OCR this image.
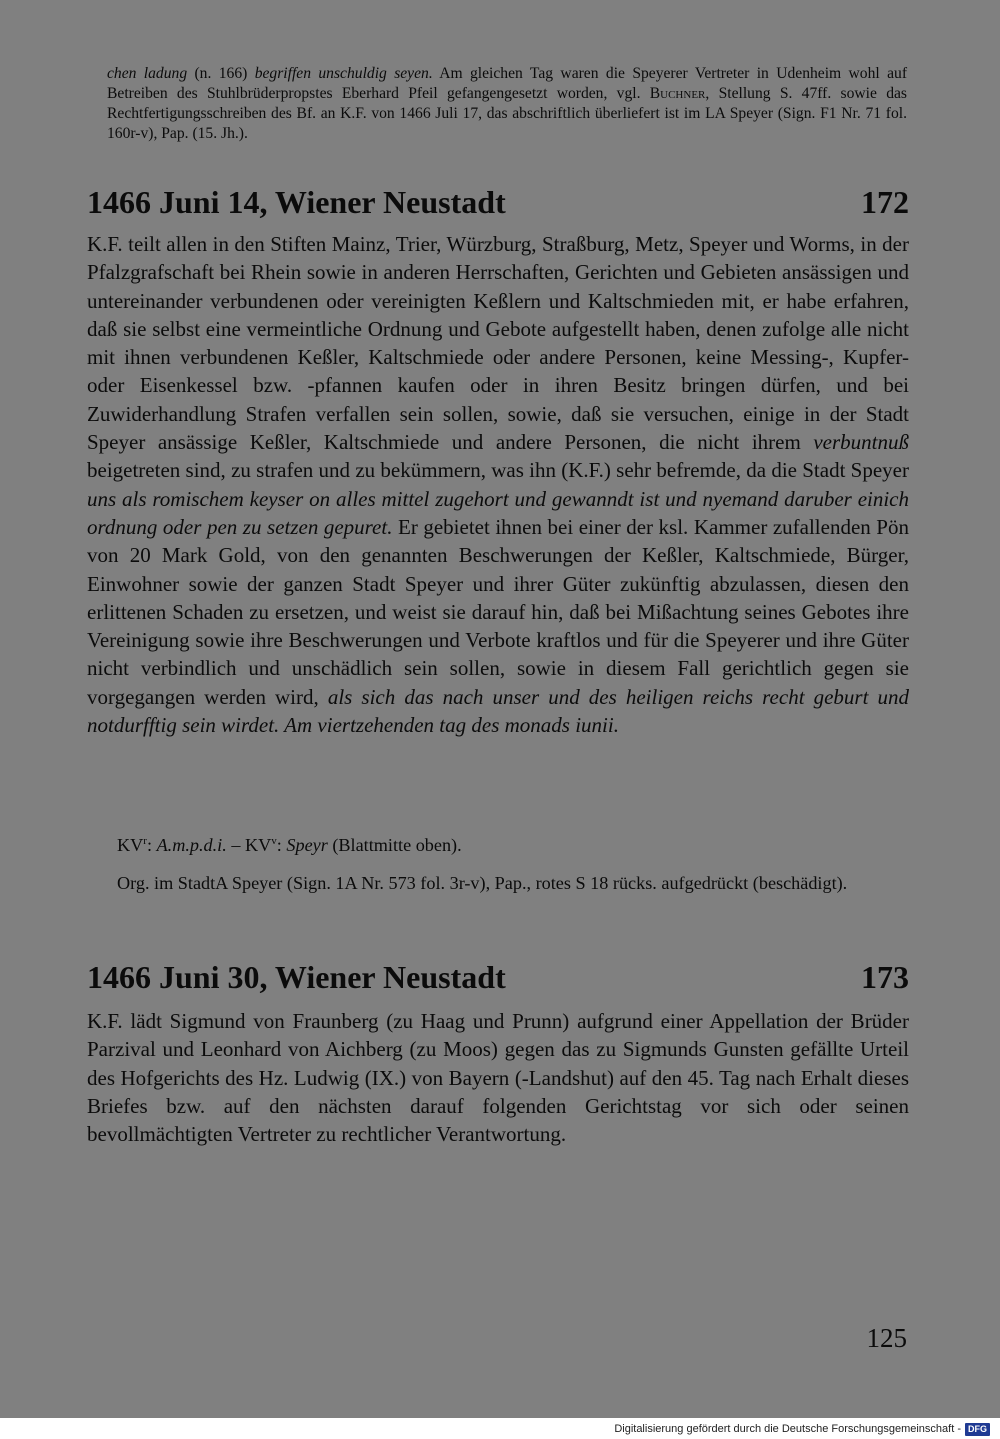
chen ladung (n. 166) begriffen unschuldig seyen. Am gleichen Tag waren die Speyerer Vertreter in Udenheim wohl auf Betreiben des Stuhlbrüderpropstes Eberhard Pfeil gefangengesetzt worden, vgl. Buchner, Stellung S. 47ff. sowie das Rechtfertigungsschreiben des Bf. an K.F. von 1466 Juli 17, das abschriftlich überliefert ist im LA Speyer (Sign. F1 Nr. 71 fol. 160r-v), Pap. (15. Jh.).

1466 Juni 14, Wiener Neustadt	172

K.F. teilt allen in den Stiften Mainz, Trier, Würzburg, Straßburg, Metz, Speyer und Worms, in der Pfalzgrafschaft bei Rhein sowie in anderen Herrschaften, Gerichten und Gebieten ansässigen und untereinander verbundenen oder vereinigten Keßlern und Kaltschmieden mit, er habe erfahren, daß sie selbst eine vermeintliche Ordnung und Gebote aufgestellt haben, denen zufolge alle nicht mit ihnen verbundenen Keßler, Kaltschmiede oder andere Personen, keine Messing-, Kupfer- oder Eisenkessel bzw. -pfannen kaufen oder in ihren Besitz bringen dürfen, und bei Zuwiderhandlung Strafen verfallen sein sollen, sowie, daß sie versuchen, einige in der Stadt Speyer ansässige Keßler, Kaltschmiede und andere Personen, die nicht ihrem verbuntnuß beigetreten sind, zu strafen und zu bekümmern, was ihn (K.F.) sehr befremde, da die Stadt Speyer uns als romischem keyser on alles mittel zugehort und gewanndt ist und nyemand daruber einich ordnung oder pen zu setzen gepuret. Er gebietet ihnen bei einer der ksl. Kammer zufallenden Pön von 20 Mark Gold, von den genannten Beschwerungen der Keßler, Kaltschmiede, Bürger, Einwohner sowie der ganzen Stadt Speyer und ihrer Güter zukünftig abzulassen, diesen den erlittenen Schaden zu ersetzen, und weist sie darauf hin, daß bei Mißachtung seines Gebotes ihre Vereinigung sowie ihre Beschwerungen und Verbote kraftlos und für die Speyerer und ihre Güter nicht verbindlich und unschädlich sein sollen, sowie in diesem Fall gerichtlich gegen sie vorgegangen werden wird, als sich das nach unser und des heiligen reichs recht geburt und notdurfftig sein wirdet. Am viertzehenden tag des monads iunii.

$KV^r$: A.m.p.d.i. – $KV^v$: Speyr (Blattmitte oben).

Org. im StadtA Speyer (Sign. 1A Nr. 573 fol. 3r-v), Pap., rotes S 18 rücks. aufgedrückt (beschädigt).

1466 Juni 30, Wiener Neustadt	173

K.F. lädt Sigmund von Fraunberg (zu Haag und Prunn) aufgrund einer Appellation der Brüder Parzival und Leonhard von Aichberg (zu Moos) gegen das zu Sigmunds Gunsten gefällte Urteil des Hofgerichts des Hz. Ludwig (IX.) von Bayern (-Landshut) auf den 45. Tag nach Erhalt dieses Briefes bzw. auf den nächsten darauf folgenden Gerichtstag vor sich oder seinen bevollmächtigten Vertreter zu rechtlicher Verantwortung.

125
Digitalisierung gefördert durch die Deutsche Forschungsgemeinschaft - DFG
